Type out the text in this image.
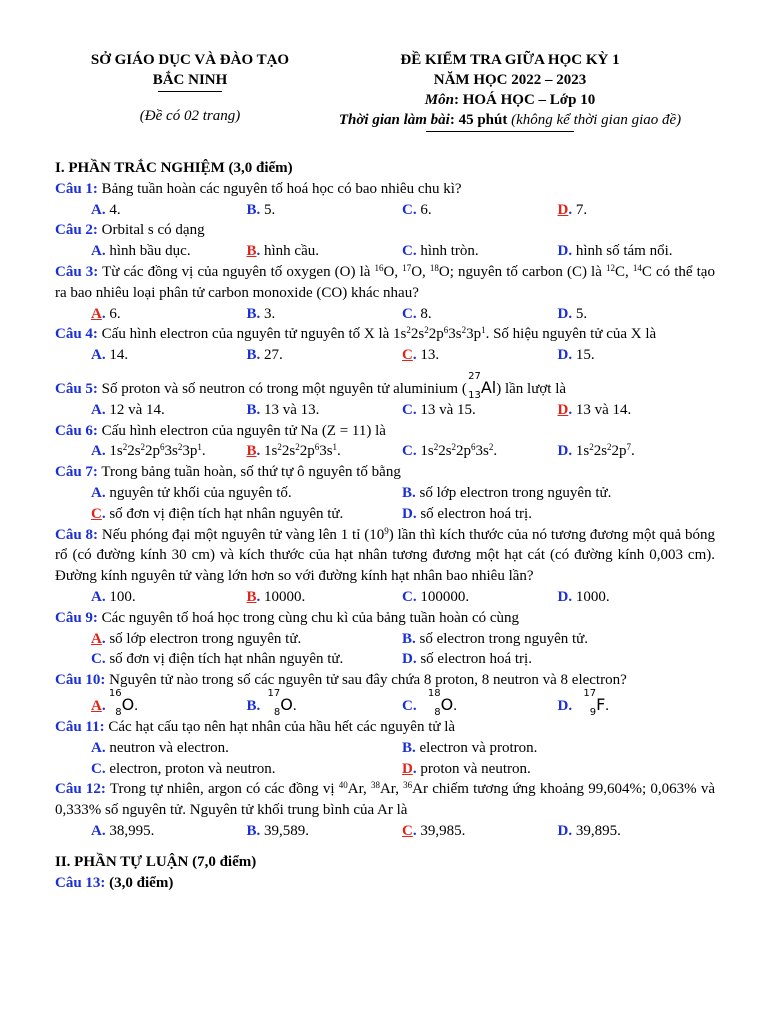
SỞ GIÁO DỤC VÀ ĐÀO TẠO
BẮC NINH
(Đề có 02 trang)
ĐỀ KIỂM TRA GIỮA HỌC KỲ 1
NĂM HỌC 2022 – 2023
Môn: HOÁ HỌC – Lớp 10
Thời gian làm bài: 45 phút (không kể thời gian giao đề)
I. PHẦN TRẮC NGHIỆM (3,0 điểm)

Câu 1: Bảng tuần hoàn các nguyên tố hoá học có bao nhiêu chu kì?

A. 4.	B. 5.	C. 6.	D. 7.

Câu 2: Orbital s có dạng

A. hình bầu dục.	B. hình cầu.	C. hình tròn.	D. hình số tám nổi.

Câu 3: Từ các đồng vị của nguyên tố oxygen (O) là $^{16}$O, $^{17}$O, $^{18}$O; nguyên tố carbon (C) là $^{12}$C, $^{14}$C có thể tạo ra bao nhiêu loại phân tử carbon monoxide (CO) khác nhau?

A. 6.	B. 3.	C. 8.	D. 5.

Câu 4: Cấu hình electron của nguyên tử nguyên tố X là $1s^22s^22p^63s^23p^1$. Số hiệu nguyên tử của X là

A. 14.	B. 27.	C. 13.	D. 15.

Câu 5: Số proton và số neutron có trong một nguyên tử aluminium (
27
13 Al) lần lượt là

A. 12 và 14.	B. 13 và 13.	C. 13 và 15.	D. 13 và 14.

Câu 6: Cấu hình electron của nguyên tử Na (Z = 11) là

A. $1s^22s^22p^63s^23p^1$.	B. $1s^22s^22p^63s^1$.	C. $1s^22s^22p^63s^2$.	D. $1s^22s^22p^7$.

Câu 7: Trong bảng tuần hoàn, số thứ tự ô nguyên tố bằng

A. nguyên tử khối của nguyên tố.	B. số lớp electron trong nguyên tử.
C. số đơn vị điện tích hạt nhân nguyên tử.	D. số electron hoá trị.

Câu 8: Nếu phóng đại một nguyên tử vàng lên 1 tỉ $(10^9)$ lần thì kích thước của nó tương đương một quả bóng rổ (có đường kính 30 cm) và kích thước của hạt nhân tương đương một hạt cát (có đường kính 0,003 cm). Đường kính nguyên tử vàng lớn hơn so với đường kính hạt nhân bao nhiêu lần?

A. 100.	B. 10000.	C. 100000.	D. 1000.

Câu 9: Các nguyên tố hoá học trong cùng chu kì của bảng tuần hoàn có cùng

A. số lớp electron trong nguyên tử.	B. số electron trong nguyên tử.
C. số đơn vị điện tích hạt nhân nguyên tử.	D. số electron hoá trị.

Câu 10: Nguyên tử nào trong số các nguyên tử sau đây chứa 8 proton, 8 neutron và 8 electron?

A.
16
8 O.	B.
17
8 O.	C.
18
8 O.	D.
17
9 F.

Câu 11: Các hạt cấu tạo nên hạt nhân của hầu hết các nguyên tử là

A. neutron và electron.	B. electron và protron.
C. electron, proton và neutron.	D. proton và neutron.

Câu 12: Trong tự nhiên, argon có các đồng vị $^{40}$Ar, $^{38}$Ar, $^{36}$Ar chiếm tương ứng khoảng 99,604%; 0,063% và 0,333% số nguyên tử. Nguyên tử khối trung bình của Ar là

A. 38,995.	B. 39,589.	C. 39,985.	D. 39,895.
II. PHẦN TỰ LUẬN (7,0 điểm)

Câu 13: (3,0 điểm)
